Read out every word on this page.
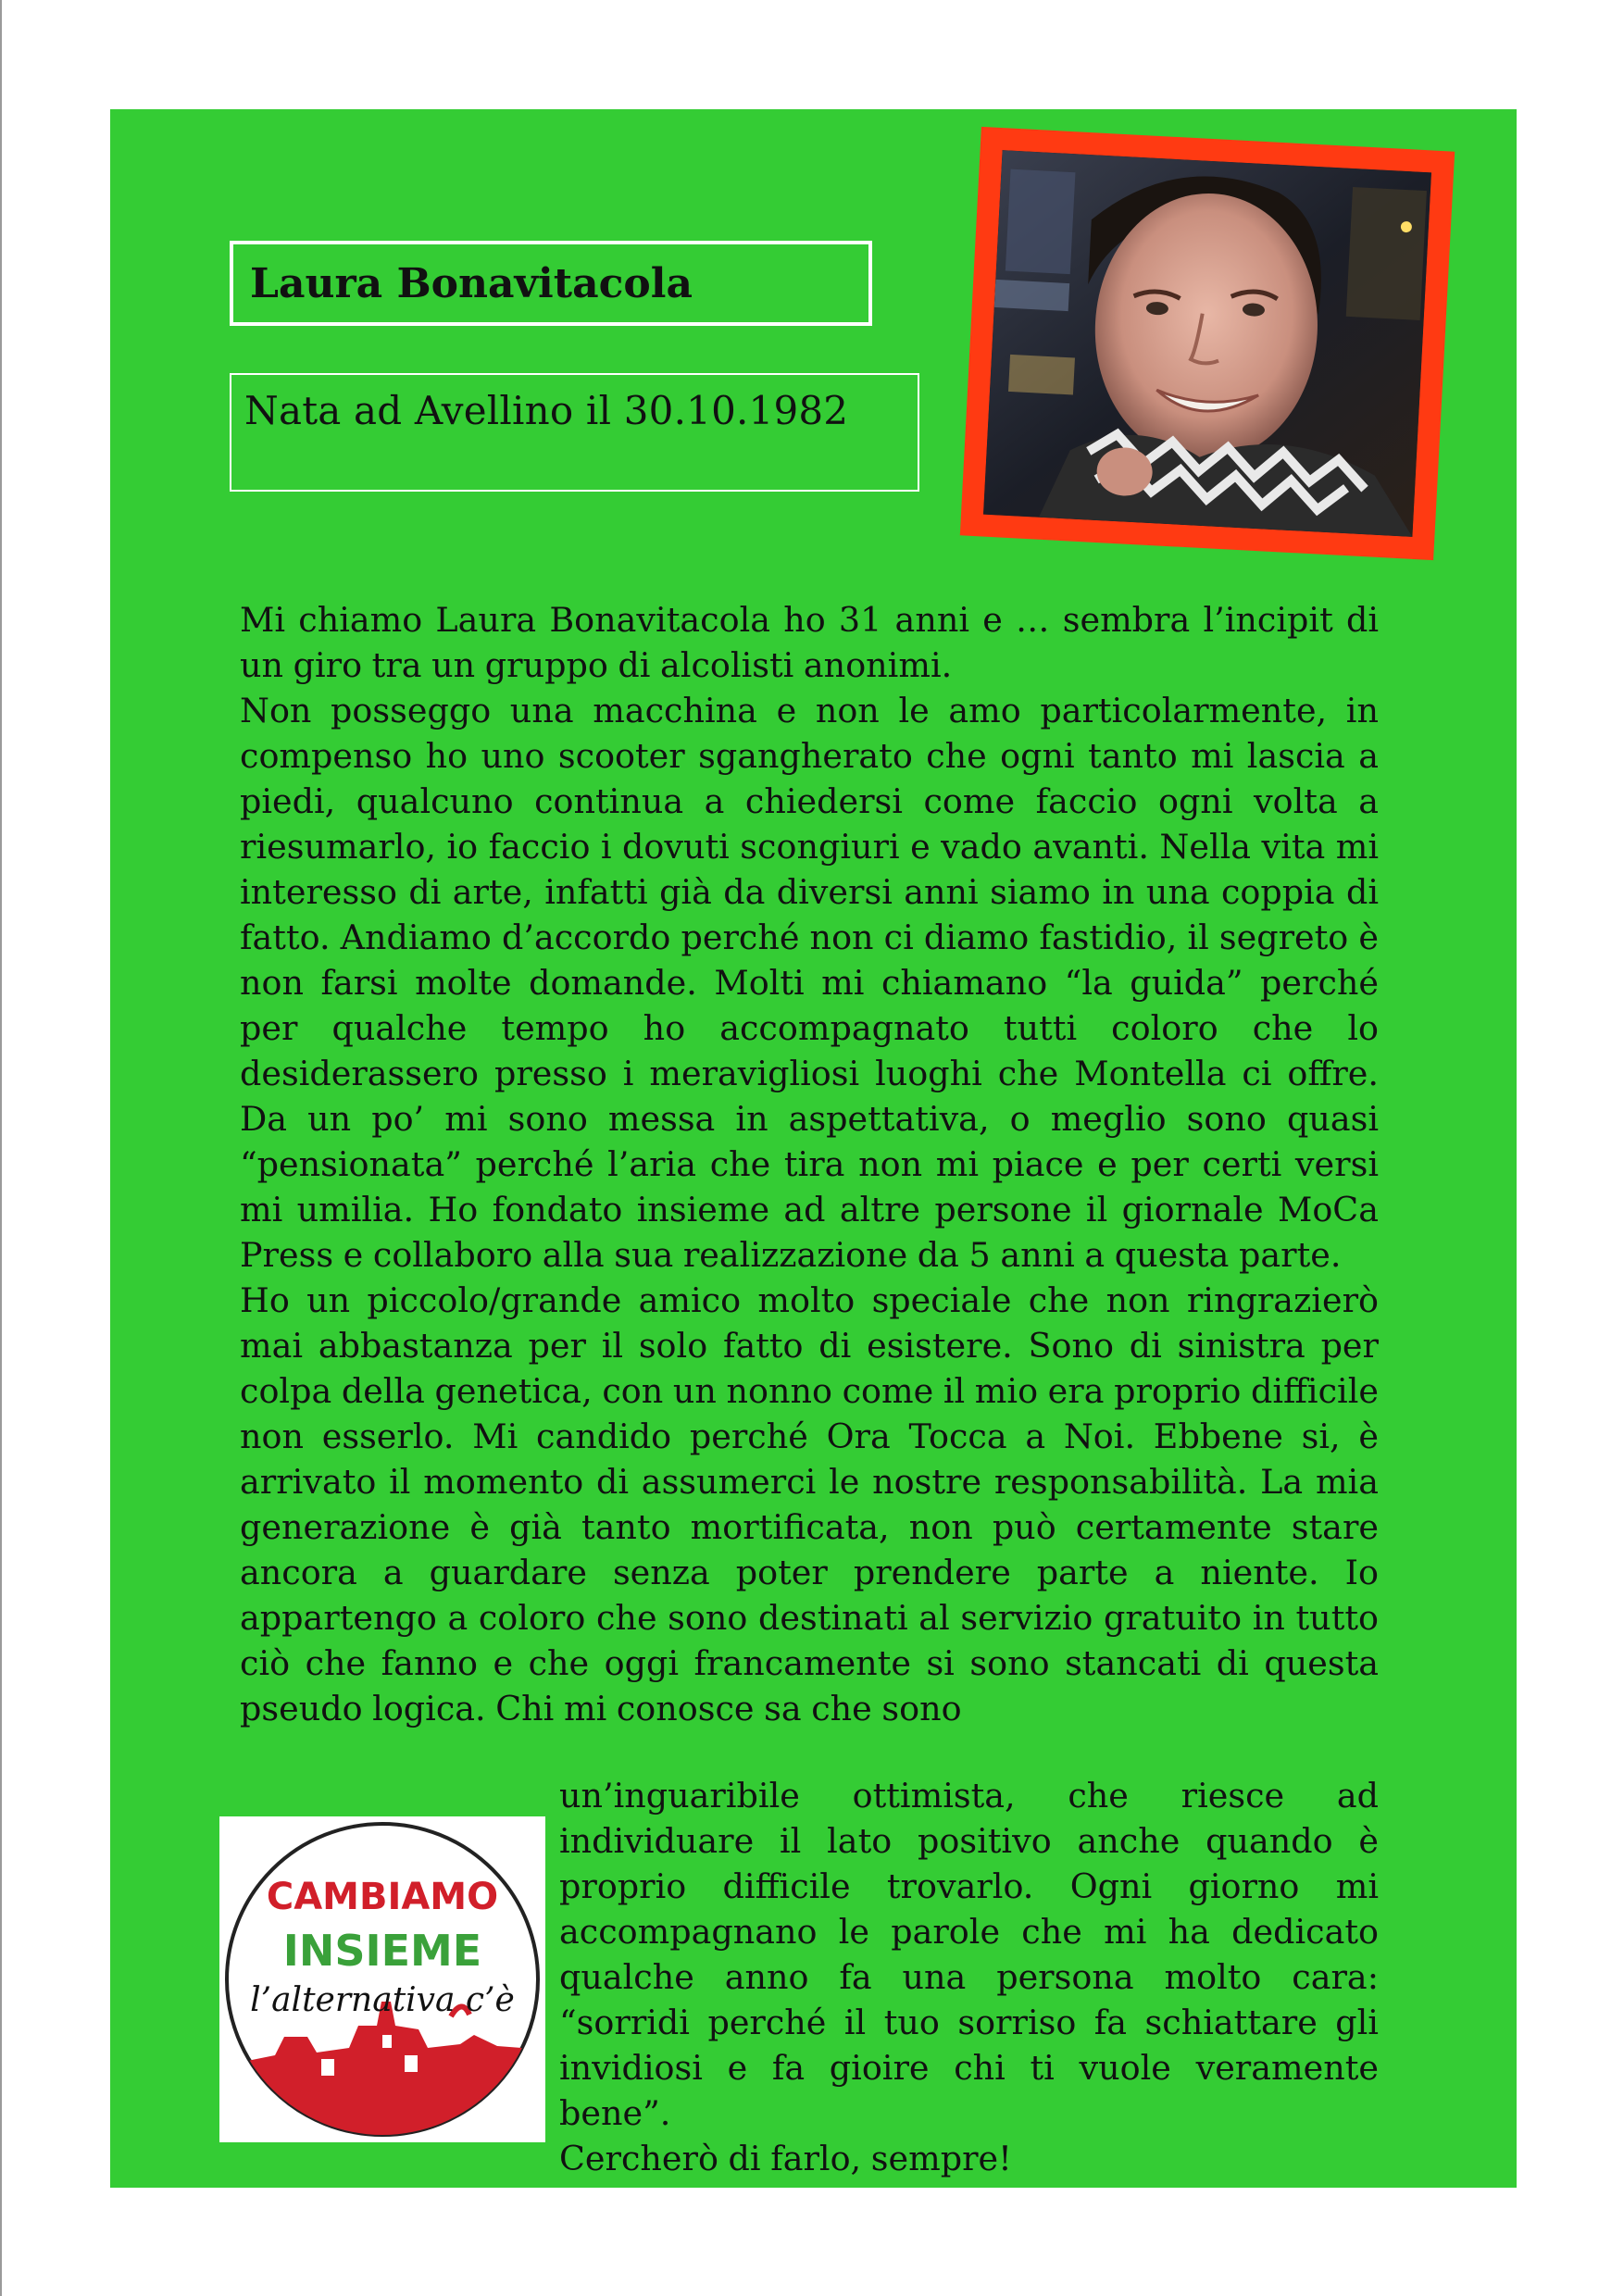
Laura Bonavitacola
Nata ad Avellino il 30.10.1982

Mi chiamo Laura Bonavitacola ho 31 anni e … sembra l’incipit di un giro tra un gruppo di alcolisti anonimi.

Non posseggo una macchina e non le amo particolarmente, in compenso ho uno scooter sgangherato che ogni tanto mi lascia a piedi, qualcuno continua a chiedersi come faccio ogni volta a riesumarlo, io faccio i dovuti scongiuri e vado avanti. Nella vita mi interesso di arte, infatti già da diversi anni siamo in una coppia di fatto. Andiamo d’accordo perché non ci diamo fastidio, il segreto è non farsi molte domande. Molti mi chiamano “la guida” perché per qualche tempo ho accompagnato tutti coloro che lo desiderassero presso i meravigliosi luoghi che Montella ci offre. Da un po’ mi sono messa in aspettativa, o meglio sono quasi “pensionata” perché l’aria che tira non mi piace e per certi versi mi umilia. Ho fondato insieme ad altre persone il giornale MoCa Press e collaboro alla sua realizzazione da 5 anni a questa parte.

Ho un piccolo/grande amico molto speciale che non ringrazierò mai abbastanza per il solo fatto di esistere. Sono di sinistra per colpa della genetica, con un nonno come il mio era proprio difficile non esserlo. Mi candido perché Ora Tocca a Noi. Ebbene si, è arrivato il momento di assumerci le nostre responsabilità. La mia generazione è già tanto mortificata, non può certamente stare ancora a guardare senza poter prendere parte a niente. Io appartengo a coloro che sono destinati al servizio gratuito in tutto ciò che fanno e che oggi francamente si sono stancati di questa pseudo logica. Chi mi conosce sa che sono

un’inguaribile ottimista, che riesce ad individuare il lato positivo anche quando è proprio difficile trovarlo. Ogni giorno mi accompagnano le parole che mi ha dedicato qualche anno fa una persona molto cara: “sorridi perché il tuo sorriso fa schiattare gli invidiosi e fa gioire chi ti vuole veramente bene”.

Cercherò di farlo, sempre!

CAMBIAMO
INSIEME
l’alternativa c’è
